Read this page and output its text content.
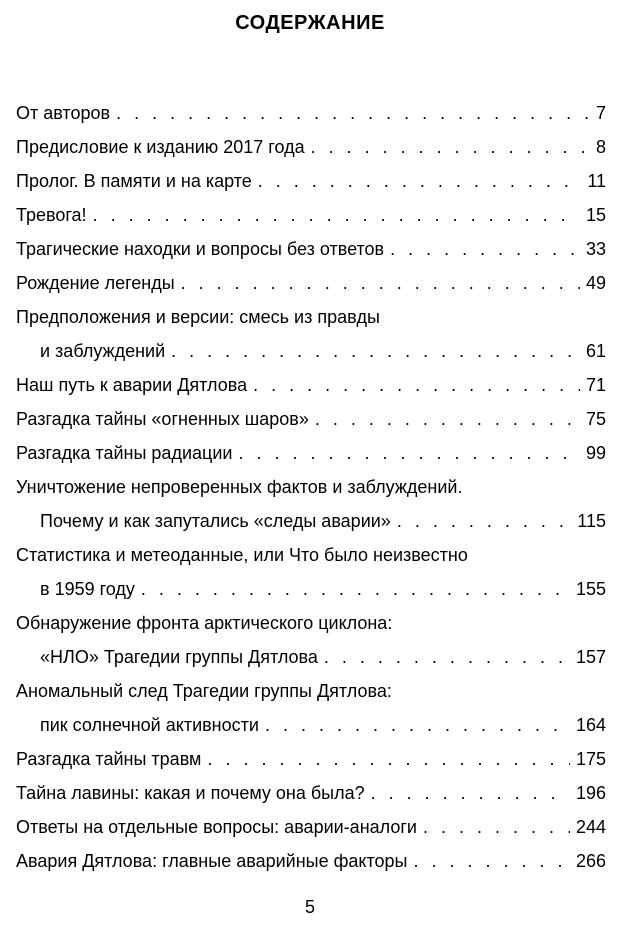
СОДЕРЖАНИЕ
От авторов . . .	7
Предисловие к изданию 2017 года . . .	8
Пролог. В памяти и на карте . . .	11
Тревога! . . .	15
Трагические находки и вопросы без ответов . . .	33
Рождение легенды . . .	49
Предположения и версии: смесь из правды
и заблуждений . . .	61
Наш путь к аварии Дятлова . . .	71
Разгадка тайны «огненных шаров» . . .	75
Разгадка тайны радиации . . .	99
Уничтожение непроверенных фактов и заблуждений.
Почему и как запутались «следы аварии» . . .	115
Статистика и метеоданные, или Что было неизвестно
в 1959 году . . .	155
Обнаружение фронта арктического циклона:
«НЛО» Трагедии группы Дятлова . . .	157
Аномальный след Трагедии группы Дятлова:
пик солнечной активности . . .	164
Разгадка тайны травм . . .	175
Тайна лавины: какая и почему она была? . . .	196
Ответы на отдельные вопросы: аварии-аналоги . . .	244
Авария Дятлова: главные аварийные факторы . . .	266
5
